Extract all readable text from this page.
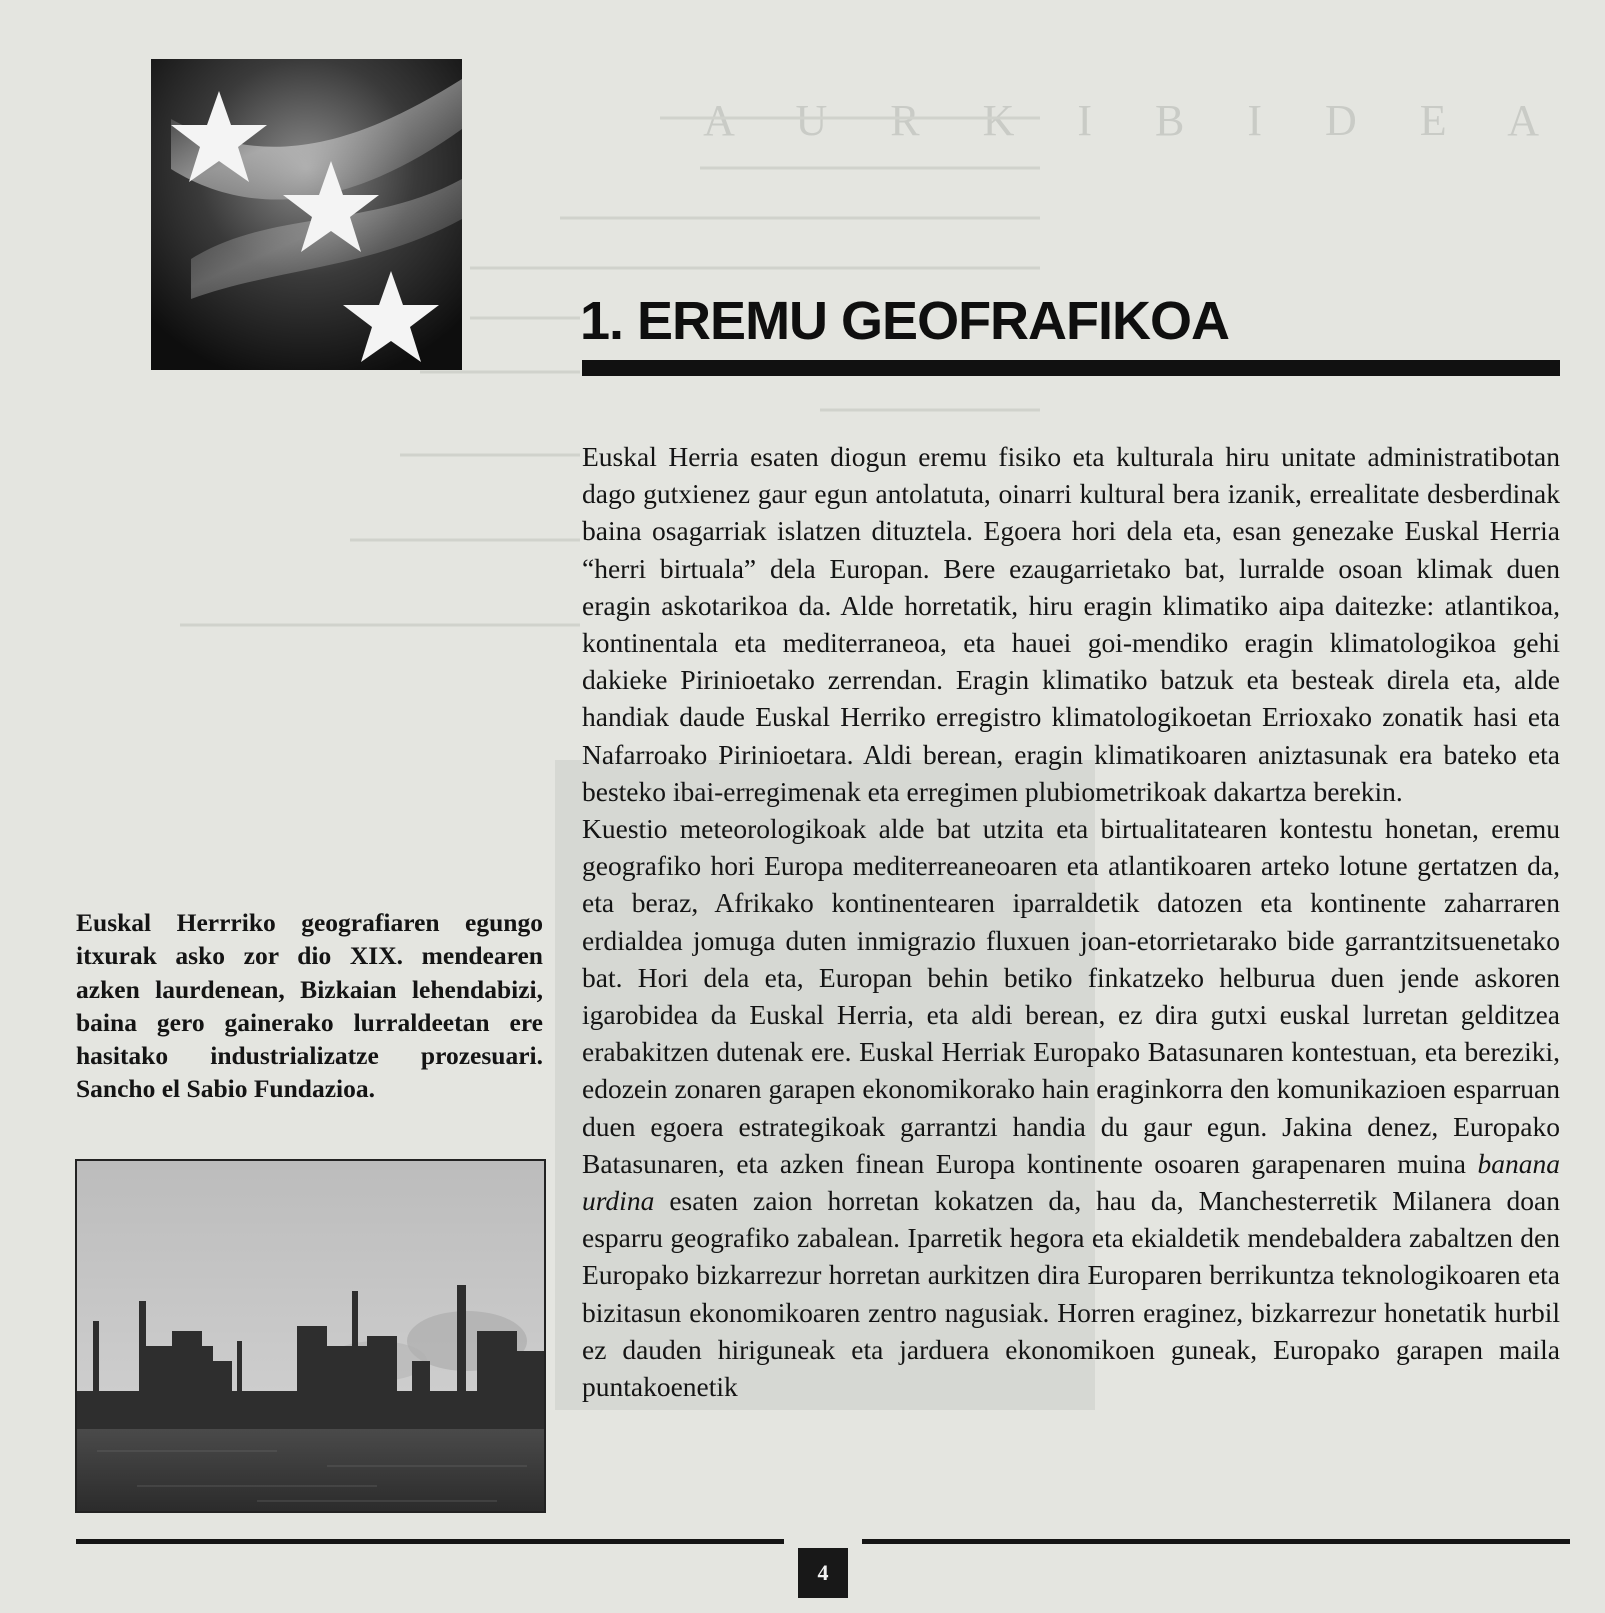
A U R K I B I D E A
1. EREMU GEOFRAFIKOA

Euskal Herria esaten diogun eremu fisiko eta kulturala hiru unitate administratibotan dago gutxienez gaur egun antolatuta, oinarri kultural bera izanik, errealitate desberdinak baina osagarriak islatzen dituztela. Egoera hori dela eta, esan genezake Euskal Herria “herri birtuala” dela Europan. Bere ezaugarrietako bat, lurralde osoan klimak duen eragin askotarikoa da. Alde horretatik, hiru eragin klimatiko aipa daitezke: atlantikoa, kontinentala eta mediterraneoa, eta hauei goi-mendiko eragin klimatologikoa gehi dakieke Pirinioetako zerrendan. Eragin klimatiko batzuk eta besteak direla eta, alde handiak daude Euskal Herriko erregistro klimatologikoetan Errioxako zonatik hasi eta Nafarroako Pirinioetara. Aldi berean, eragin klimatikoaren aniztasunak era bateko eta besteko ibai-erregimenak eta erregimen plubiometrikoak dakartza berekin.

Kuestio meteorologikoak alde bat utzita eta birtualitatearen kontestu honetan, eremu geografiko hori Europa mediterreaneoaren eta atlantikoaren arteko lotune gertatzen da, eta beraz, Afrikako kontinentearen iparraldetik datozen eta kontinente zaharraren erdialdea jomuga duten inmigrazio fluxuen joan-etorrietarako bide garrantzitsuenetako bat. Hori dela eta, Europan behin betiko finkatzeko helburua duen jende askoren igarobidea da Euskal Herria, eta aldi berean, ez dira gutxi euskal lurretan gelditzea erabakitzen dutenak ere. Euskal Herriak Europako Batasunaren kontestuan, eta bereziki, edozein zonaren garapen ekonomikorako hain eraginkorra den komunikazioen esparruan duen egoera estrategikoak garrantzi handia du gaur egun. Jakina denez, Europako Batasunaren, eta azken finean Europa kontinente osoaren garapenaren muina banana urdina esaten zaion horretan kokatzen da, hau da, Manchesterretik Milanera doan esparru geografiko zabalean. Iparretik hegora eta ekialdetik mendebaldera zabaltzen den Europako bizkarrezur horretan aurkitzen dira Europaren berrikuntza teknologikoaren eta bizitasun ekonomikoaren zentro nagusiak. Horren eraginez, bizkarrezur honetatik hurbil ez dauden hiriguneak eta jarduera ekonomikoen guneak, Europako garapen maila puntakoenetik

Euskal Herrriko geografiaren egungo itxurak asko zor dio XIX. mendearen azken laurdenean, Bizkaian lehendabizi, baina gero gainerako lurraldeetan ere hasitako industrializatze prozesuari. Sancho el Sabio Fundazioa.

4
